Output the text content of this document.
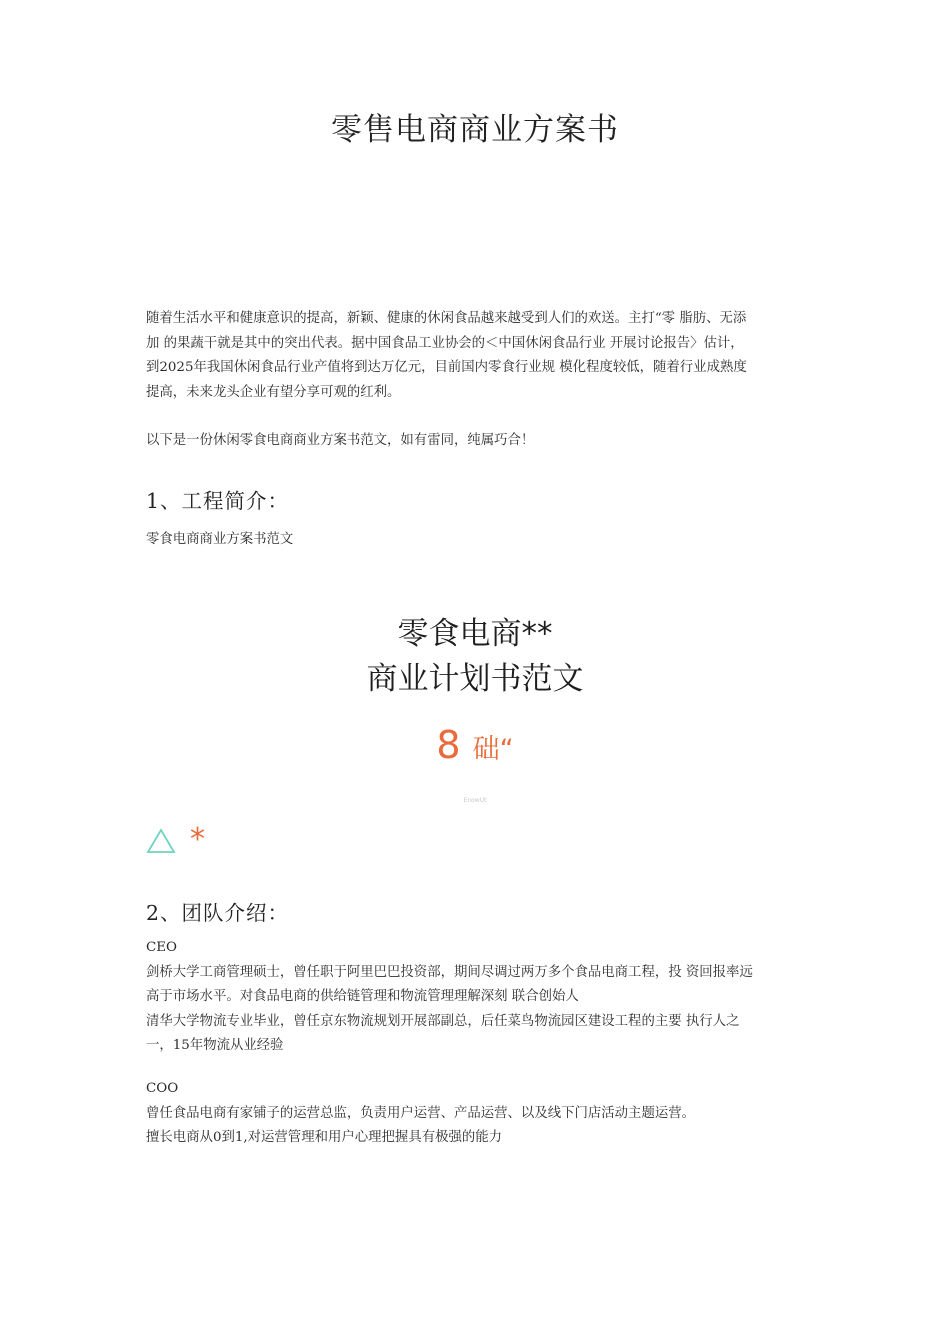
零售电商商业方案书
随着生活水平和健康意识的提高，新颖、健康的休闲食品越来越受到人们的欢送。主打“零 脂肪、无添
加 的果蔬干就是其中的突出代表。据中国食品工业协会的＜中国休闲食品行业 开展讨论报告〉估计，
到2025年我国休闲食品行业产值将到达万亿元，目前国内零食行业规 模化程度较低，随着行业成熟度
提高，未来龙头企业有望分享可观的红利。
以下是一份休闲零食电商商业方案书范文，如有雷同，纯属巧合！
1、工程简介：
零食电商商业方案书范文
零食电商**
商业计划书范文
8 础“
EnowUt
*
2、团队介绍：
CEO
剑桥大学工商管理硕士，曾任职于阿里巴巴投资部，期间尽调过两万多个食品电商工程，投 资回报率远
高于市场水平。对食品电商的供给链管理和物流管理理解深刻 联合创始人
清华大学物流专业毕业，曾任京东物流规划开展部副总，后任菜鸟物流园区建设工程的主要 执行人之
一，15年物流从业经验
COO
曾任食品电商有家铺子的运营总监，负责用户运营、产品运营、以及线下门店活动主题运营。
擅长电商从0到1,对运营管理和用户心理把握具有极强的能力
